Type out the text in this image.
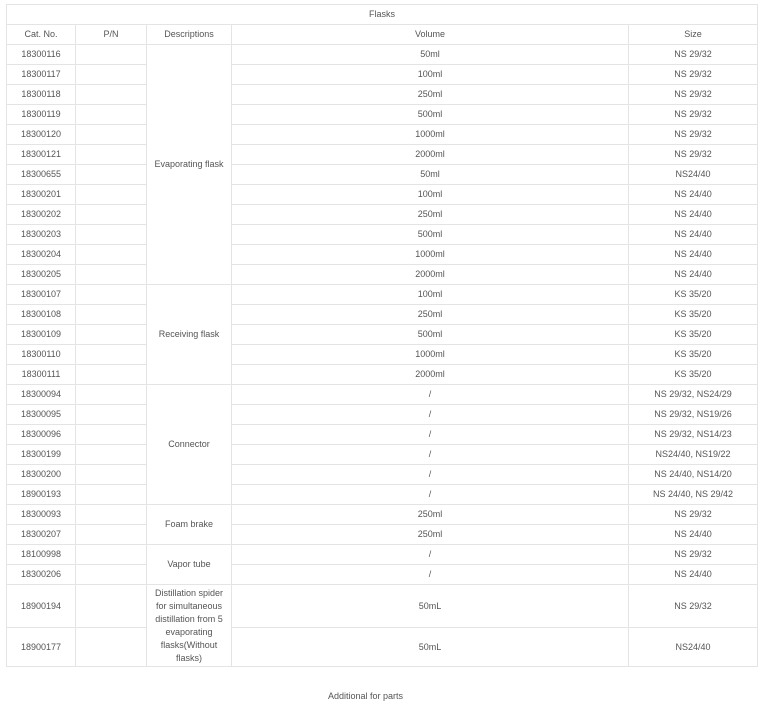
Flasks				
Cat. No.	P/N	Descriptions	Volume	Size
18300116		Evaporating flask	50ml	NS 29/32
18300117			100ml	NS 29/32
18300118			250ml	NS 29/32
18300119			500ml	NS 29/32
18300120			1000ml	NS 29/32
18300121			2000ml	NS 29/32
18300655			50ml	NS24/40
18300201			100ml	NS 24/40
18300202			250ml	NS 24/40
18300203			500ml	NS 24/40
18300204			1000ml	NS 24/40
18300205			2000ml	NS 24/40
18300107		Receiving flask	100ml	KS 35/20
18300108			250ml	KS 35/20
18300109			500ml	KS 35/20
18300110			1000ml	KS 35/20
18300111			2000ml	KS 35/20
18300094		Connector	/	NS 29/32, NS24/29
18300095			/	NS 29/32, NS19/26
18300096			/	NS 29/32, NS14/23
18300199			/	NS24/40, NS19/22
18300200			/	NS 24/40, NS14/20
18900193			/	NS 24/40, NS 29/42
18300093		Foam brake	250ml	NS 29/32
18300207			250ml	NS 24/40
18100998		Vapor tube	/	NS 29/32
18300206			/	NS 24/40
18900194		Distillation spider for simultaneous distillation from 5 evaporating flasks(Without flasks)	50mL	NS 29/32
18900177			50mL	NS24/40
Additional for parts
